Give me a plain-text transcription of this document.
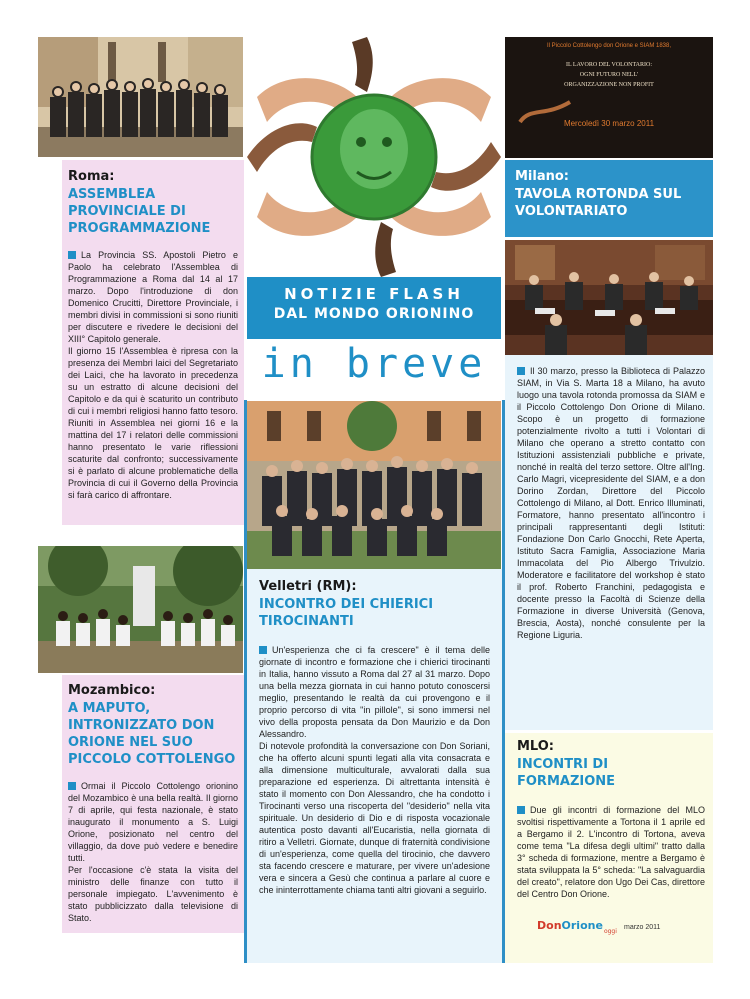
Roma:
ASSEMBLEA PROVINCIALE DI PROGRAMMAZIONE

La Provincia SS. Apostoli Pietro e Paolo ha celebrato l'Assemblea di Programmazione a Roma dal 14 al 17 marzo. Dopo l'introduzione di don Domenico Crucitti, Direttore Provinciale, i membri divisi in commissioni si sono riuniti per discutere e rivedere le decisioni del XIII° Capitolo generale.

Il giorno 15 l'Assemblea è ripresa con la presenza dei Membri laici del Segretariato dei Laici, che ha lavorato in precedenza su un estratto di alcune decisioni del Capitolo e da qui è scaturito un contributo di cui i membri religiosi hanno fatto tesoro. Riuniti in Assemblea nei giorni 16 e la mattina del 17 i relatori delle commissioni hanno presentato le varie riflessioni scaturite dal confronto; successivamente si è parlato di alcune problematiche della Provincia di cui il Governo della Provincia si farà carico di affrontare.

Mozambico:
A MAPUTO, INTRONIZZATO DON ORIONE NEL SUO PICCOLO COTTOLENGO

Ormai il Piccolo Cottolengo orionino del Mozambico è una bella realtà. Il giorno 7 di aprile, qui festa nazionale, è stato inaugurato il monumento a S. Luigi Orione, posizionato nel centro del villaggio, da dove può vedere e benedire tutti.

Per l'occasione c'è stata la visita del ministro delle finanze con tutto il personale impiegato. L'avvenimento è stato pubblicizzato dalla televisione di Stato.

NOTIZIE FLASH
DAL MONDO ORIONINO
in breve
Velletri (RM):
INCONTRO DEI CHIERICI TIROCINANTI

Un'esperienza che ci fa crescere" è il tema delle giornate di incontro e formazione che i chierici tirocinanti in Italia, hanno vissuto a Roma dal 27 al 31 marzo. Dopo una bella mezza giornata in cui hanno potuto conoscersi meglio, presentando le realtà da cui provengono e il proprio percorso di vita "in pillole", si sono immersi nel vivo della proposta pensata da Don Maurizio e da Don Alessandro.

Di notevole profondità la conversazione con Don Soriani, che ha offerto alcuni spunti legati alla vita consacrata e alla dimensione multiculturale, avvalorati dalla sua preparazione ed esperienza. Di altrettanta intensità è stato il momento con Don Alessandro, che ha condotto i Tirocinanti verso una riscoperta del "desiderio" nella vita spirituale. Un desiderio di Dio e di risposta vocazionale autentica posto davanti all'Eucaristia, nella giornata di ritiro a Velletri. Giornate, dunque di fraternità condivisione di un'esperienza, come quella del tirocinio, che davvero sta facendo crescere e maturare, per vivere un'adesione vera e sincera a Gesù che continua a parlare al cuore e che ininterrottamente chiama tanti altri giovani a seguirlo.

Il Piccolo Cottolengo don Orione e SIAM 1838,
IL LAVORO DEL VOLONTARIO:
OGNI FUTURO NELL'
ORGANIZZAZIONE NON PROFIT
Mercoledì 30 marzo 2011
Milano:
TAVOLA ROTONDA SUL VOLONTARIATO

Il 30 marzo, presso la Biblioteca di Palazzo SIAM, in Via S. Marta 18 a Milano, ha avuto luogo una tavola rotonda promossa da SIAM e il Piccolo Cottolengo Don Orione di Milano. Scopo è un progetto di formazione potenzialmente rivolto a tutti i Volontari di Milano che operano a stretto contatto con Istituzioni assistenziali pubbliche e private, nonché in realtà del terzo settore. Oltre all'Ing. Carlo Magri, vicepresidente del SIAM, e a don Dorino Zordan, Direttore del Piccolo Cottolengo di Milano, al Dott. Enrico Illuminati, Formatore, hanno presentato all'incontro i principali rappresentanti degli Istituti: Fondazione Don Carlo Gnocchi, Rete Aperta, Istituto Sacra Famiglia, Associazione Maria Immacolata del Pio Albergo Trivulzio. Moderatore e facilitatore del workshop è stato il prof. Roberto Franchini, pedagogista e docente presso la Facoltà di Scienze della Formazione in diverse Università (Genova, Brescia, Aosta), nonché consulente per la Regione Liguria.

MLO:
INCONTRI DI FORMAZIONE

Due gli incontri di formazione del MLO svoltisi rispettivamente a Tortona il 1 aprile ed a Bergamo il 2. L'incontro di Tortona, aveva come tema "La difesa degli ultimi" tratto dalla 3° scheda di formazione, mentre a Bergamo è stata sviluppata la 5° scheda: "La salvaguardia del creato", relatore don Ugo Dei Cas, direttore del Centro Don Orione.

DonOrione$_{oggi}$ marzo 2011
